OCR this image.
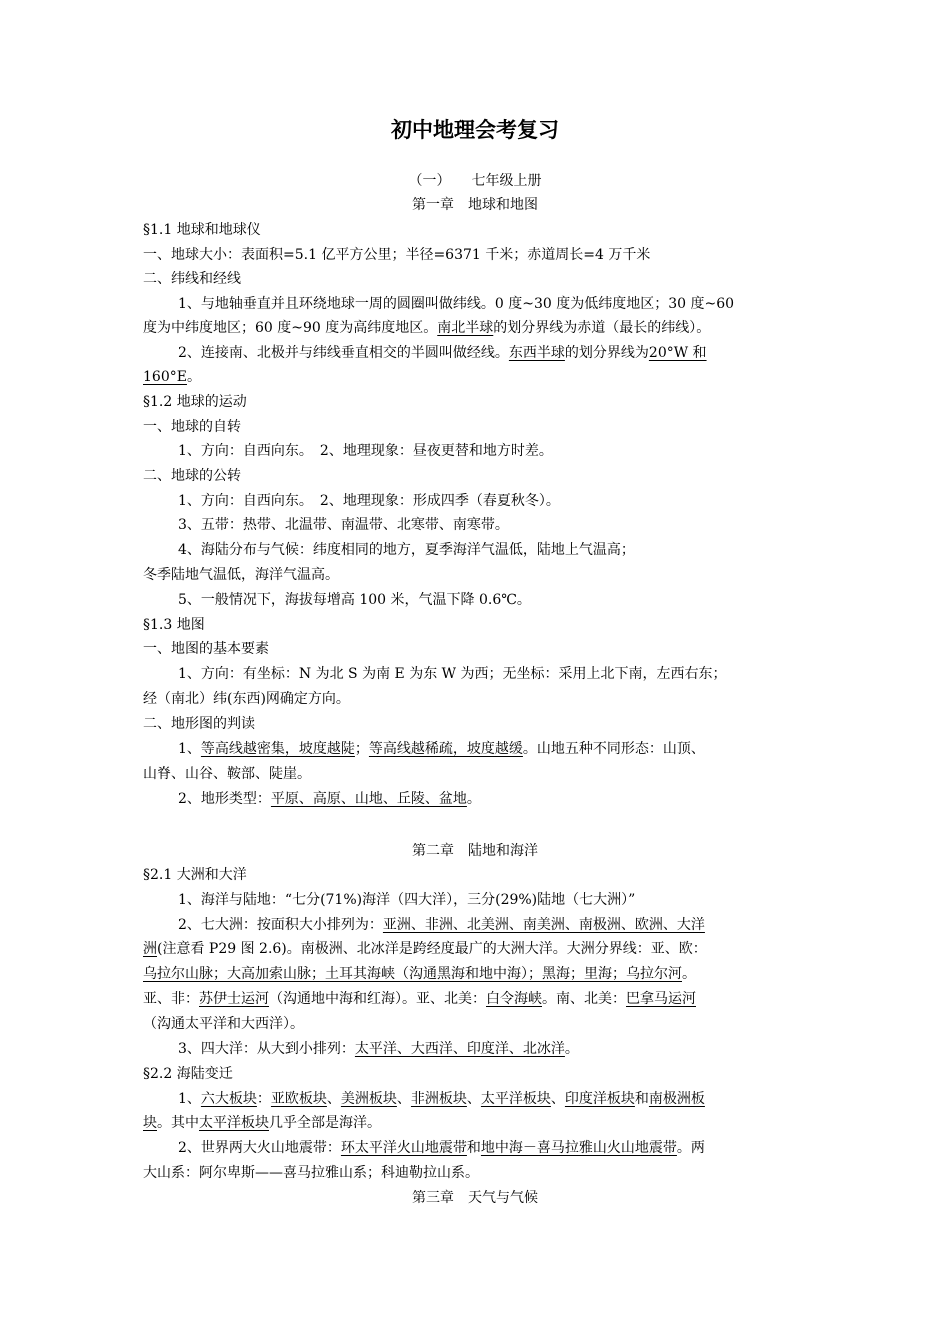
初中地理会考复习
（一）　　七年级上册
第一章　地球和地图
§1.1 地球和地球仪
一、地球大小：表面积=5.1 亿平方公里；半径=6371 千米；赤道周长=4 万千米
二、纬线和经线
1、与地轴垂直并且环绕地球一周的圆圈叫做纬线。0 度~30 度为低纬度地区；30 度~60
度为中纬度地区；60 度~90 度为高纬度地区。南北半球的划分界线为赤道（最长的纬线）。
2、连接南、北极并与纬线垂直相交的半圆叫做经线。东西半球的划分界线为20°W 和
160°E。
§1.2 地球的运动
一、地球的自转
1、方向：自西向东。　2、地理现象：昼夜更替和地方时差。
二、地球的公转
1、方向：自西向东。　2、地理现象：形成四季（春夏秋冬）。
3、五带：热带、北温带、南温带、北寒带、南寒带。
4、海陆分布与气候：纬度相同的地方，夏季海洋气温低，陆地上气温高；
冬季陆地气温低，海洋气温高。
5、一般情况下，海拔每增高 100 米，气温下降 0.6℃。
§1.3 地图
一、地图的基本要素
1、方向：有坐标：N 为北 S 为南 E 为东 W 为西；无坐标：采用上北下南，左西右东；
经（南北）纬(东西)网确定方向。
二、地形图的判读
1、等高线越密集，坡度越陡；等高线越稀疏，坡度越缓。山地五种不同形态：山顶、
山脊、山谷、鞍部、陡崖。
2、地形类型：平原、高原、山地、丘陵、盆地。
第二章　陆地和海洋
§2.1 大洲和大洋
1、海洋与陆地：“七分(71%)海洋（四大洋），三分(29%)陆地（七大洲）”
2、七大洲：按面积大小排列为：亚洲、非洲、北美洲、南美洲、南极洲、欧洲、大洋
洲(注意看 P29 图 2.6)。南极洲、北冰洋是跨经度最广的大洲大洋。大洲分界线：亚、欧：
乌拉尔山脉；大高加索山脉；土耳其海峡（沟通黑海和地中海）；黑海；里海；乌拉尔河。
亚、非：苏伊士运河（沟通地中海和红海）。亚、北美：白令海峡。南、北美：巴拿马运河
（沟通太平洋和大西洋）。
3、四大洋：从大到小排列：太平洋、大西洋、印度洋、北冰洋。
§2.2 海陆变迁
1、六大板块：亚欧板块、美洲板块、非洲板块、太平洋板块、印度洋板块和南极洲板
块。其中太平洋板块几乎全部是海洋。
2、世界两大火山地震带：环太平洋火山地震带和地中海－喜马拉雅山火山地震带。两
大山系：阿尔卑斯——喜马拉雅山系；科迪勒拉山系。
第三章　天气与气候
